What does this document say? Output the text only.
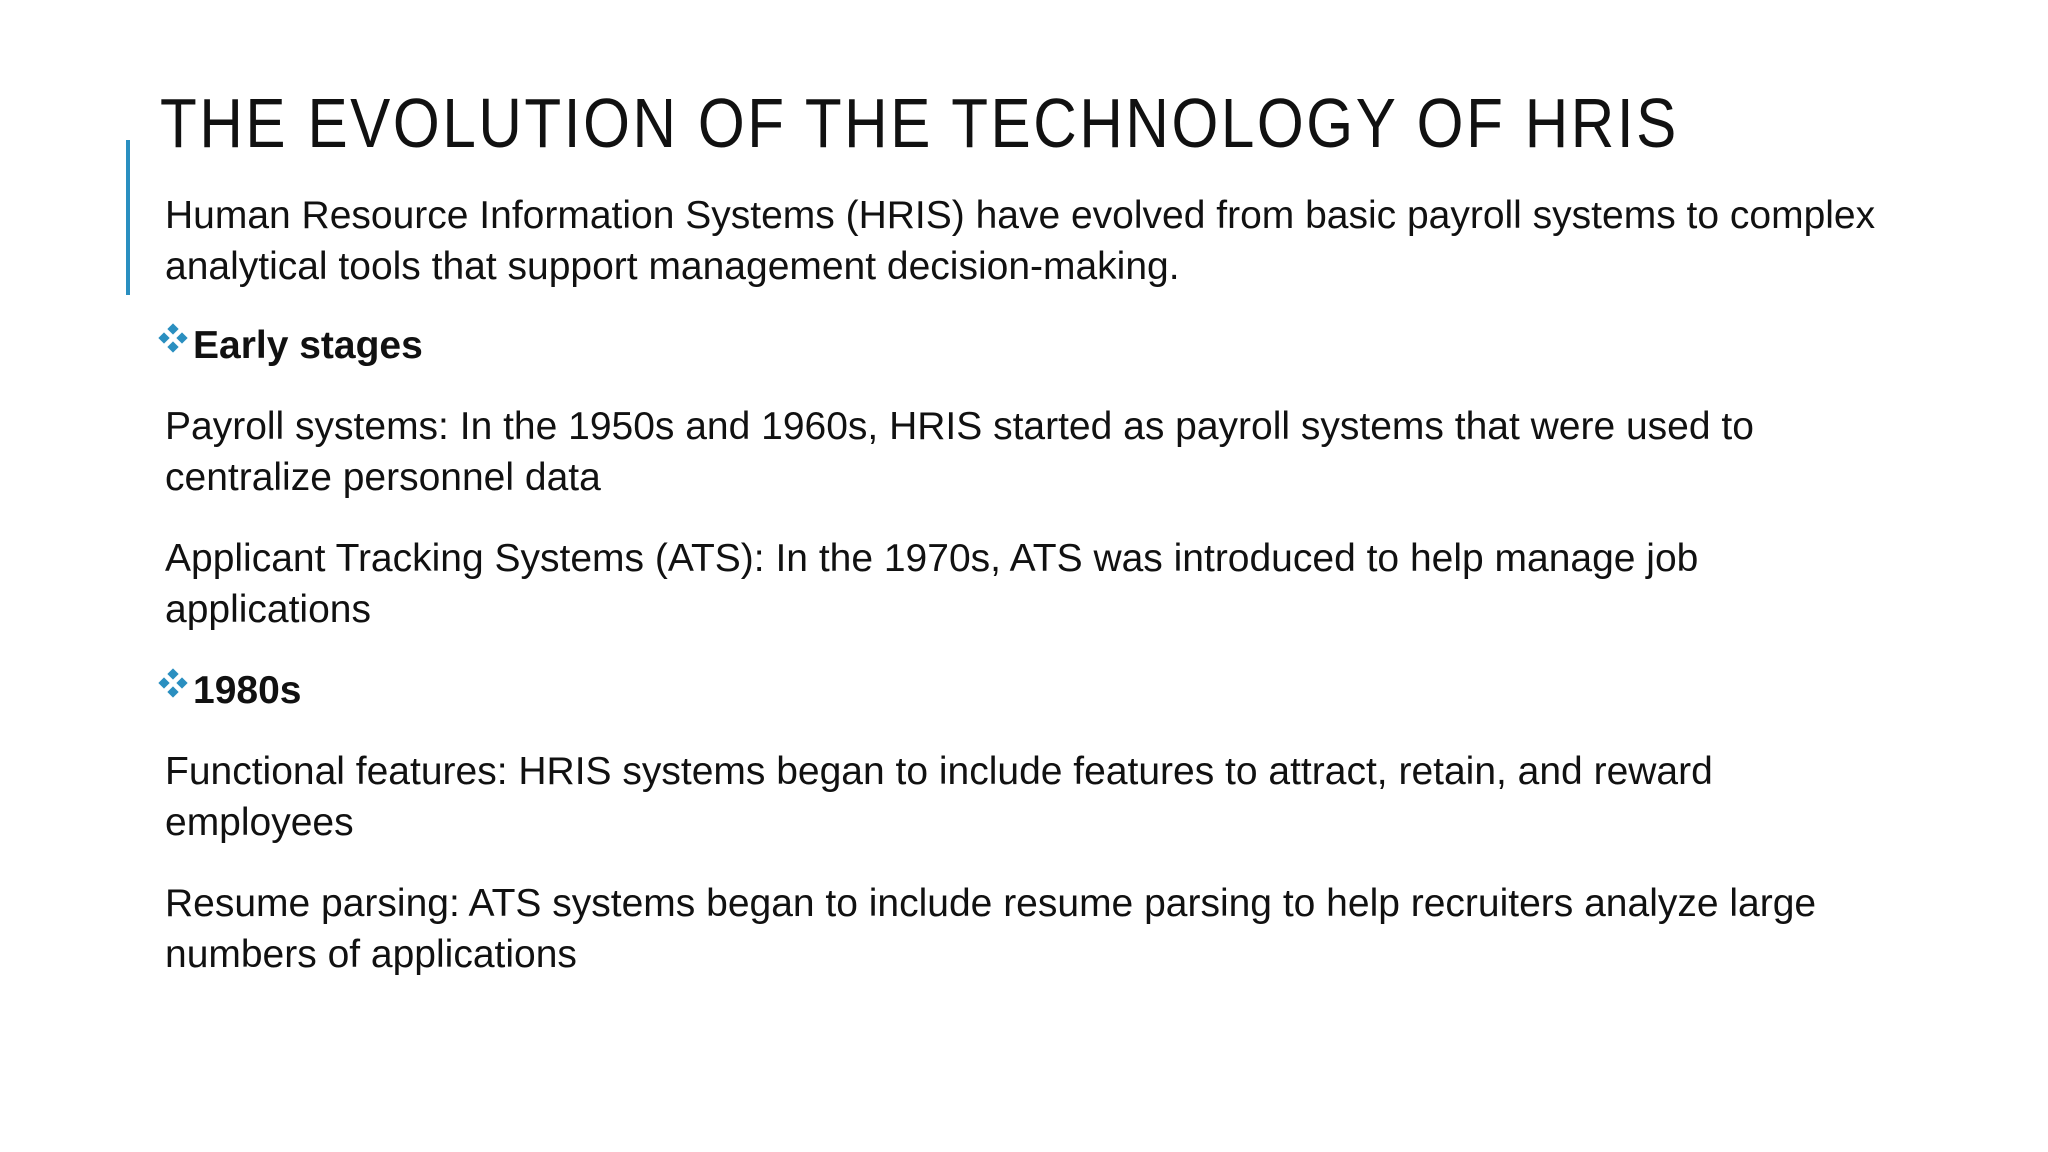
THE EVOLUTION OF THE TECHNOLOGY OF HRIS

Human Resource Information Systems (HRIS) have evolved from basic payroll systems to complex analytical tools that support management decision-making.

Early stages

Payroll systems: In the 1950s and 1960s, HRIS started as payroll systems that were used to centralize personnel data

Applicant Tracking Systems (ATS): In the 1970s, ATS was introduced to help manage job applications

1980s

Functional features: HRIS systems began to include features to attract, retain, and reward employees

Resume parsing: ATS systems began to include resume parsing to help recruiters analyze large numbers of applications
